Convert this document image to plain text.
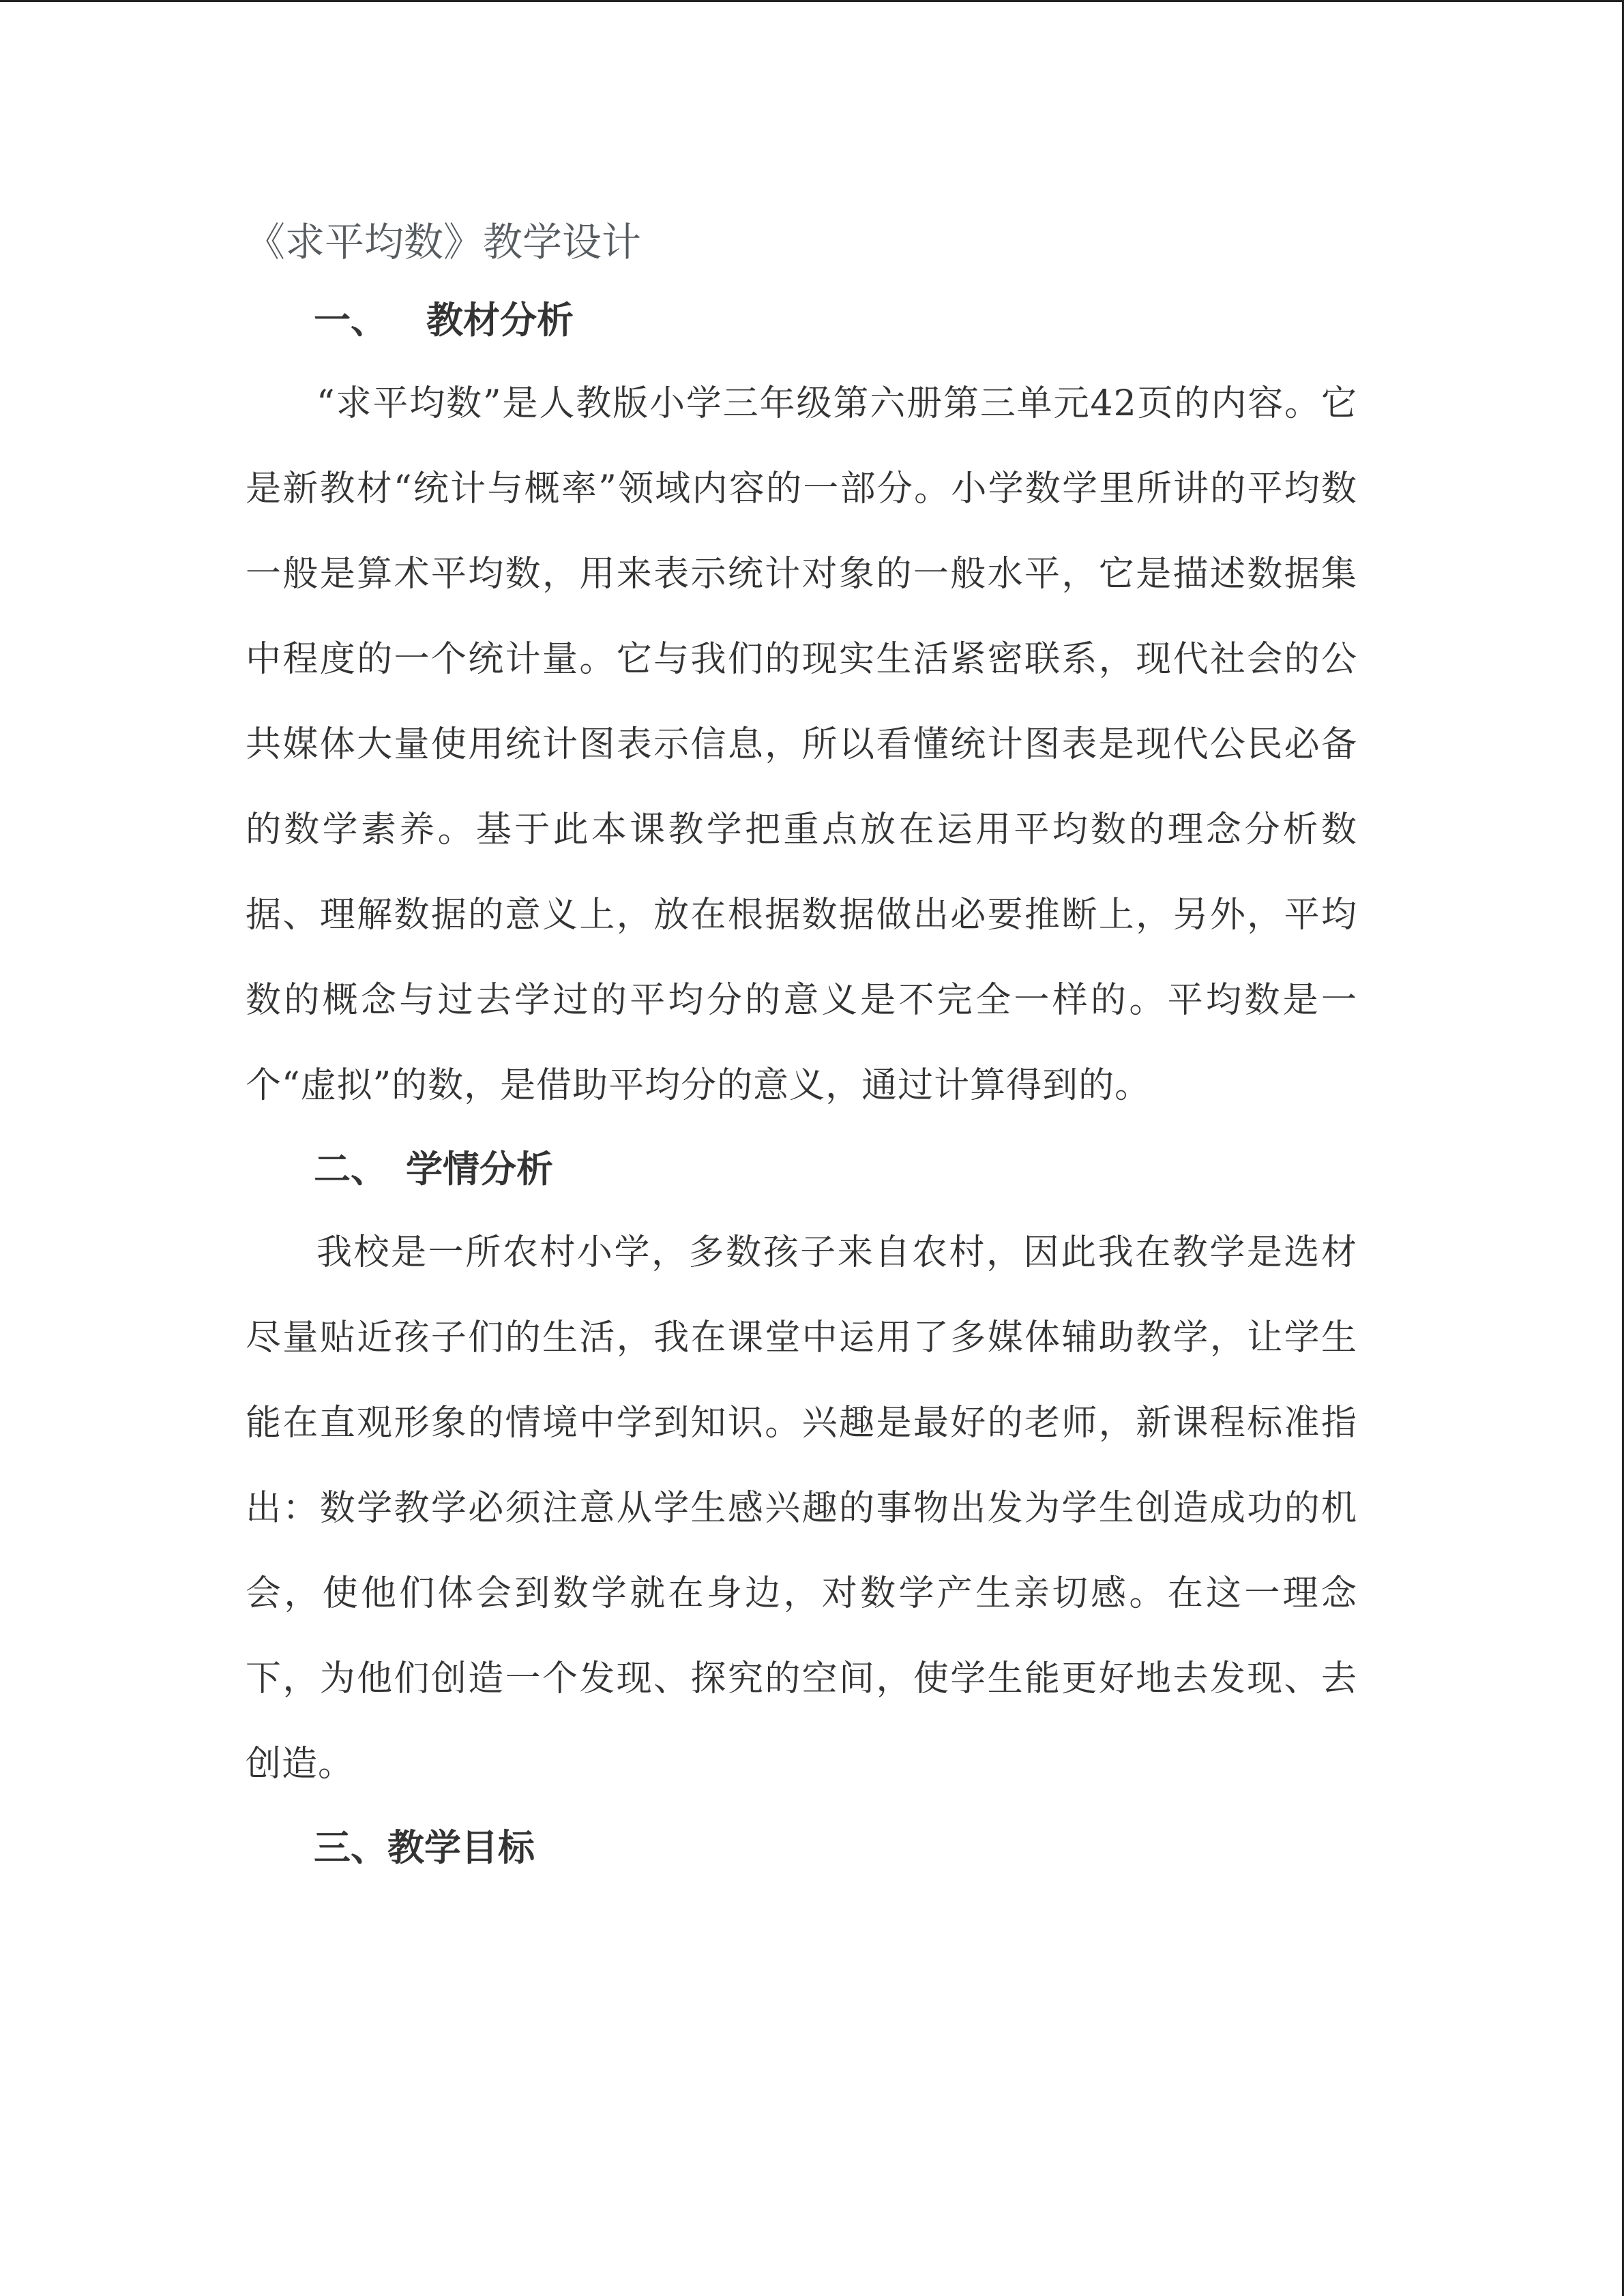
《求平均数》教学设计
一、 教材分析

“求平均数”是人教版小学三年级第六册第三单元42页的内容。它是新教材“统计与概率”领域内容的一部分。小学数学里所讲的平均数一般是算术平均数，用来表示统计对象的一般水平，它是描述数据集中程度的一个统计量。它与我们的现实生活紧密联系，现代社会的公共媒体大量使用统计图表示信息，所以看懂统计图表是现代公民必备的数学素养。基于此本课教学把重点放在运用平均数的理念分析数据、理解数据的意义上，放在根据数据做出必要推断上，另外，平均数的概念与过去学过的平均分的意义是不完全一样的。平均数是一个“虚拟”的数，是借助平均分的意义，通过计算得到的。

二、 学情分析

我校是一所农村小学，多数孩子来自农村，因此我在教学是选材尽量贴近孩子们的生活，我在课堂中运用了多媒体辅助教学，让学生能在直观形象的情境中学到知识。兴趣是最好的老师，新课程标准指出：数学教学必须注意从学生感兴趣的事物出发为学生创造成功的机会，使他们体会到数学就在身边，对数学产生亲切感。在这一理念下，为他们创造一个发现、探究的空间，使学生能更好地去发现、去创造。

三、教学目标
